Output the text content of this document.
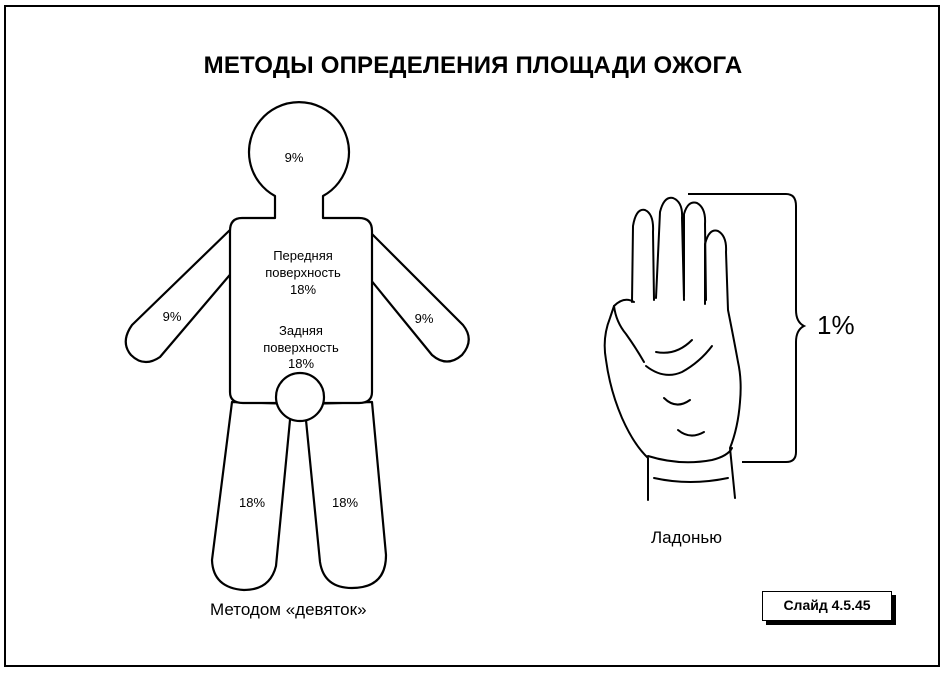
МЕТОДЫ ОПРЕДЕЛЕНИЯ ПЛОЩАДИ ОЖОГА
9%
9%	9%
Передняя
поверхность
18%
Задняя
поверхность
18%
18%	18%
Методом «девяток»
1%
Ладонью
Слайд 4.5.45
